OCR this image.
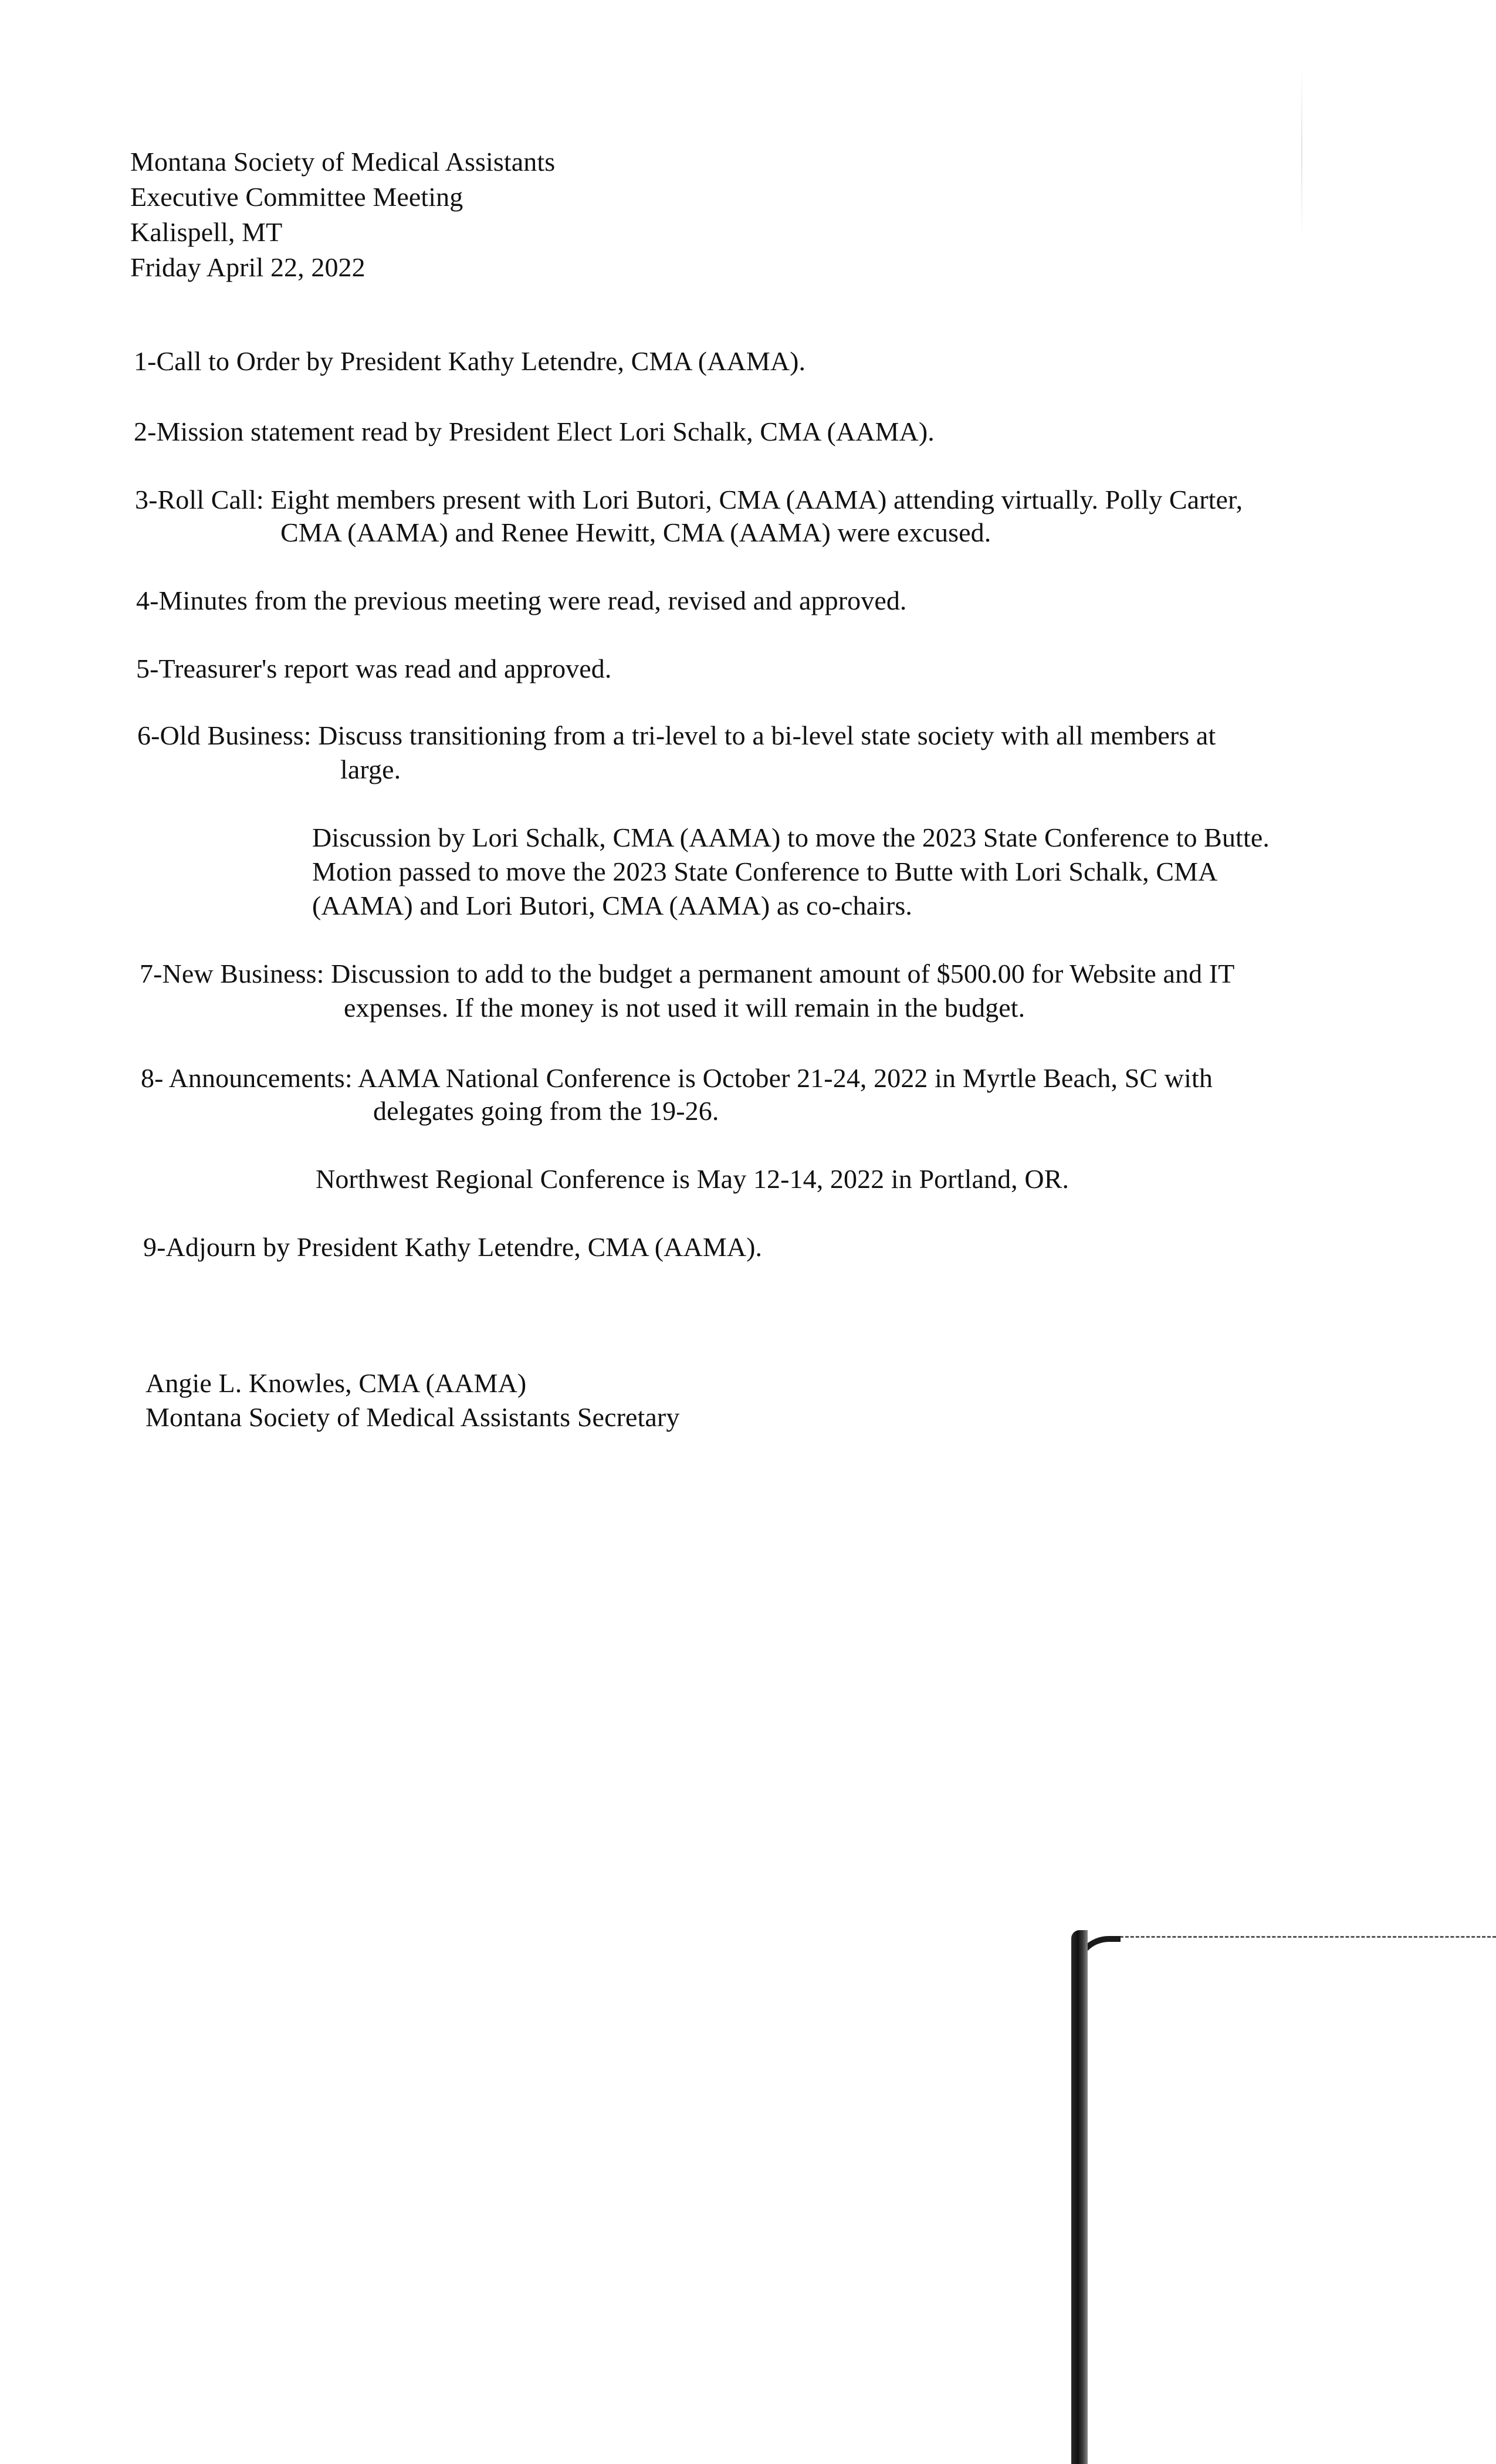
Montana Society of Medical Assistants
Executive Committee Meeting
Kalispell, MT
Friday April 22, 2022
1-Call to Order by President Kathy Letendre, CMA (AAMA).
2-Mission statement read by President Elect Lori Schalk, CMA (AAMA).
3-Roll Call: Eight members present with Lori Butori, CMA (AAMA) attending virtually. Polly Carter,
CMA (AAMA) and Renee Hewitt, CMA (AAMA) were excused.
4-Minutes from the previous meeting were read, revised and approved.
5-Treasurer's report was read and approved.
6-Old Business: Discuss transitioning from a tri-level to a bi-level state society with all members at
large.
Discussion by Lori Schalk, CMA (AAMA) to move the 2023 State Conference to Butte.
Motion passed to move the 2023 State Conference to Butte with Lori Schalk, CMA
(AAMA) and Lori Butori, CMA (AAMA) as co-chairs.
7-New Business: Discussion to add to the budget a permanent amount of $500.00 for Website and IT
expenses. If the money is not used it will remain in the budget.
8- Announcements: AAMA National Conference is October 21-24, 2022 in Myrtle Beach, SC with
delegates going from the 19-26.
Northwest Regional Conference is May 12-14, 2022 in Portland, OR.
9-Adjourn by President Kathy Letendre, CMA (AAMA).
Angie L. Knowles, CMA (AAMA)
Montana Society of Medical Assistants Secretary
